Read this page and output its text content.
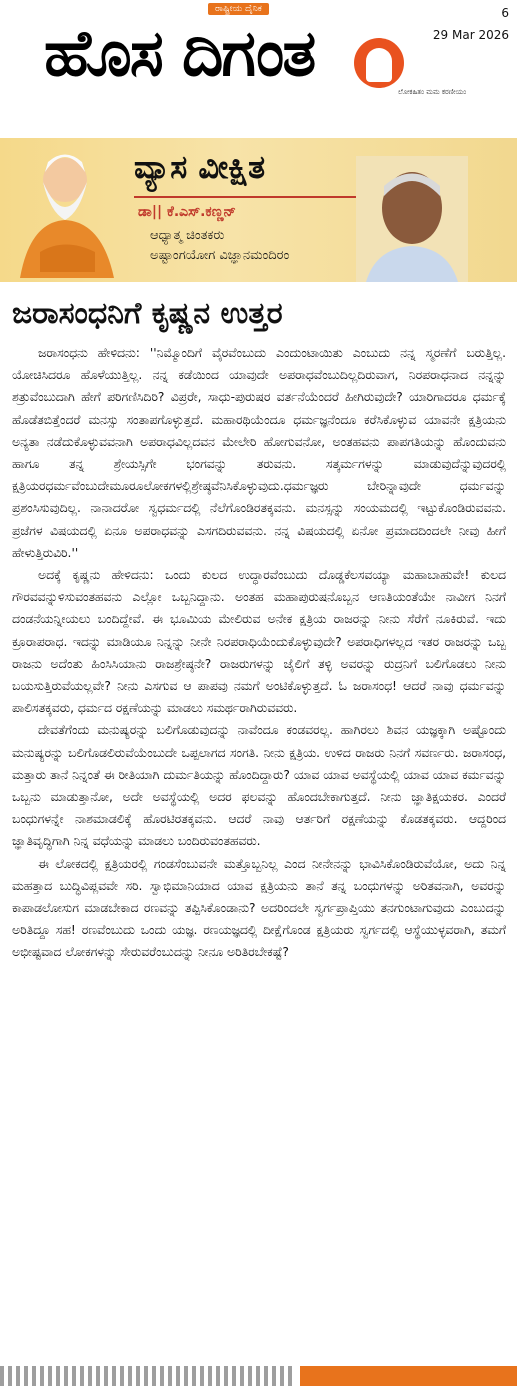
ರಾಷ್ಟ್ರೀಯ ದೈನಿಕ
ಹೊಸ ದಿಗಂತ
6
29 Mar 2026
ಲೋಕಹಿತಂ ಮಮ ಕರಣೀಯಂ
ವ್ಯಾಸ ವೀಕ್ಷಿತ
ಡಾ|| ಕೆ.ಎಸ್.ಕಣ್ಣನ್
ಆಧ್ಯಾತ್ಮ ಚಿಂತಕರು
ಅಷ್ಟಾಂಗಯೋಗ ವಿಜ್ಞಾನಮಂದಿರಂ
ಜರಾಸಂಧನಿಗೆ ಕೃಷ್ಣನ ಉತ್ತರ

ಜರಾಸಂಧನು ಹೇಳಿದನು: ''ನಿಮ್ಮೊಂದಿಗೆ ವೈರವೆಂಬುದು ಎಂದುಂಟಾಯಿತು ಎಂಬುದು ನನ್ನ ಸ್ಮರಣೆಗೆ ಬರುತ್ತಿಲ್ಲ. ಯೋಚಿಸಿದರೂ ಹೊಳೆಯುತ್ತಿಲ್ಲ. ನನ್ನ ಕಡೆಯಿಂದ ಯಾವುದೇ ಅಪರಾಧವೆಂಬುದಿಲ್ಲದಿರುವಾಗ, ನಿರಪರಾಧನಾದ ನನ್ನನ್ನು ಶತ್ರುವೆಂಬುದಾಗಿ ಹೇಗೆ ಪರಿಗಣಿಸಿದಿರಿ? ವಿಪ್ರರೇ, ಸಾಧು-ಪುರುಷರ ವರ್ತನೆಯೆಂದರೆ ಹೀಗಿರುವುದೇ? ಯಾರಿಗಾದರೂ ಧರ್ಮಕ್ಕೆ ಹೊಡೆತಬಿತ್ತೆಂದರೆ ಮನಸ್ಸು ಸಂತಾಪಗೊಳ್ಳುತ್ತದೆ. ಮಹಾರಥಿಯೆಂದೂ ಧರ್ಮಜ್ಞನೆಂದೂ ಕರೆಸಿಕೊಳ್ಳುವ ಯಾವನೇ ಕ್ಷತ್ರಿಯನು ಅನ್ಯತಾ ನಡೆದುಕೊಳ್ಳುವವನಾಗಿ ಅಪರಾಧವಿಲ್ಲದವನ ಮೇಲೇರಿ ಹೋಗುವನೋ, ಅಂತಹವನು ಪಾಪಗತಿಯನ್ನು ಹೊಂದುವನು ಹಾಗೂ ತನ್ನ ಶ್ರೇಯಸ್ಸಿಗೇ ಭಂಗವನ್ನು ತರುವನು. ಸತ್ಕರ್ಮಗಳನ್ನು ಮಾಡುವುದೆನ್ನುವುದರಲ್ಲಿ ಕ್ಷತ್ರಿಯರಧರ್ಮವೆಂಬುದೇಮೂರೂಲೋಕಗಳಲ್ಲಿಶ್ರೇಷ್ಠವೆನಿಸಿಕೊಳ್ಳುವುದು.ಧರ್ಮಜ್ಞರು ಬೇರಿನ್ನಾವುದೇ ಧರ್ಮವನ್ನು ಪ್ರಶಂಸಿಸುವುದಿಲ್ಲ. ನಾನಾದರೋ ಸ್ವಧರ್ಮದಲ್ಲಿ ನೆಲೆಗೊಂಡಿರತಕ್ಕವನು. ಮನಸ್ಸನ್ನು ಸಂಯಮದಲ್ಲಿ ಇಟ್ಟುಕೊಂಡಿರುವವನು. ಪ್ರಜೆಗಳ ವಿಷಯದಲ್ಲಿ ಏನೂ ಅಪರಾಧವನ್ನು ಎಸಗದಿರುವವನು. ನನ್ನ ವಿಷಯದಲ್ಲಿ ಏನೋ ಪ್ರಮಾದದಿಂದಲೇ ನೀವು ಹೀಗೆ ಹೇಳುತ್ತಿರುವಿರಿ.''

ಅದಕ್ಕೆ ಕೃಷ್ಣನು ಹೇಳಿದನು: ಒಂದು ಕುಲದ ಉದ್ಧಾರವೆಂಬುದು ದೊಡ್ಡಕೆಲಸವಯ್ಯಾ ಮಹಾಬಾಹುವೇ! ಕುಲದ ಗೌರವವನ್ನುಳಿಸುವಂತಹವನು ಎಲ್ಲೋ ಒಬ್ಬನಿದ್ದಾನು. ಅಂತಹ ಮಹಾಪುರುಷನೊಬ್ಬನ ಆಣತಿಯಂತೆಯೇ ನಾವೀಗ ನಿನಗೆ ದಂಡನೆಯನ್ನೀಯಲು ಬಂದಿದ್ದೇವೆ. ಈ ಭೂಮಿಯ ಮೇಲಿರುವ ಅನೇಕ ಕ್ಷತ್ರಿಯ ರಾಜರನ್ನು ನೀನು ಸೆರೆಗೆ ನೂಕಿರುವೆ. ಇದು ಕ್ರೂರಾಪರಾಧ. ಇದನ್ನು ಮಾಡಿಯೂ ನಿನ್ನನ್ನು ನೀನೇ ನಿರಪರಾಧಿಯೆಂದುಕೊಳ್ಳುವುದೇ? ಅಪರಾಧಿಗಳಲ್ಲದ ಇತರ ರಾಜರನ್ನು ಒಬ್ಬ ರಾಜನು ಅದೆಂತು ಹಿಂಸಿಸಿಯಾನು ರಾಜಶ್ರೇಷ್ಠನೇ? ರಾಜರುಗಳನ್ನು ಜೈಲಿಗೆ ತಳ್ಳಿ ಅವರನ್ನು ರುದ್ರನಿಗೆ ಬಲಿಗೊಡಲು ನೀನು ಬಯಸುತ್ತಿರುವೆಯಲ್ಲವೇ? ನೀನು ಎಸಗುವ ಆ ಪಾಪವು ನಮಗೆ ಅಂಟಿಕೊಳ್ಳುತ್ತದೆ. ಓ ಜರಾಸಂಧ! ಆದರೆ ನಾವು ಧರ್ಮವನ್ನು ಪಾಲಿಸತಕ್ಕವರು, ಧರ್ಮದ ರಕ್ಷಣೆಯನ್ನು ಮಾಡಲು ಸಮರ್ಥರಾಗಿರುವವರು.

ದೇವತೆಗೆಂದು ಮನುಷ್ಯರನ್ನು ಬಲಿಗೊಡುವುದನ್ನು ನಾವೆಂದೂ ಕಂಡವರಲ್ಲ. ಹಾಗಿರಲು ಶಿವನ ಯಜ್ಞಕ್ಕಾಗಿ ಅಷ್ಟೊಂದು ಮನುಷ್ಯರನ್ನು ಬಲಿಗೊಡಲಿರುವೆಯೆಂಬುದೇ ಒಪ್ಪಲಾಗದ ಸಂಗತಿ. ನೀನು ಕ್ಷತ್ರಿಯ. ಉಳಿದ ರಾಜರು ನಿನಗೆ ಸವರ್ಣರು. ಜರಾಸಂಧ, ಮತ್ತಾರು ತಾನೆ ನಿನ್ನಂತೆ ಈ ರೀತಿಯಾಗಿ ದುರ್ಮತಿಯನ್ನು ಹೊಂದಿದ್ದಾರು? ಯಾವ ಯಾವ ಅವಸ್ಥೆಯಲ್ಲಿ ಯಾವ ಯಾವ ಕರ್ಮವನ್ನು ಒಬ್ಬನು ಮಾಡುತ್ತಾನೋ, ಅದೇ ಅವಸ್ಥೆಯಲ್ಲಿ ಅದರ ಫಲವನ್ನು ಹೊಂದಬೇಕಾಗುತ್ತದೆ. ನೀನು ಜ್ಞಾತಿಕ್ಷಯಕರ. ಎಂದರೆ ಬಂಧುಗಳನ್ನೇ ನಾಶಮಾಡಲಿಕ್ಕೆ ಹೊರಟಿರತಕ್ಕವನು. ಆದರೆ ನಾವು ಆರ್ತರಿಗೆ ರಕ್ಷಣೆಯನ್ನು ಕೊಡತಕ್ಕವರು. ಆದ್ದರಿಂದ ಜ್ಞಾತಿವೃದ್ಧಿಗಾಗಿ ನಿನ್ನ ವಧೆಯನ್ನು ಮಾಡಲು ಬಂದಿರುವಂತಹವರು.

ಈ ಲೋಕದಲ್ಲಿ ಕ್ಷತ್ರಿಯರಲ್ಲಿ ಗಂಡಸೆಂಬುವನೇ ಮತ್ತೊಬ್ಬನಿಲ್ಲ ಎಂದ ನೀನೇನನ್ನು ಭಾವಿಸಿಕೊಂಡಿರುವೆಯೋ, ಅದು ನಿನ್ನ ಮಹತ್ತಾದ ಬುದ್ಧಿವಿಪ್ಲವವೇ ಸರಿ. ಸ್ವಾಭಿಮಾನಿಯಾದ ಯಾವ ಕ್ಷತ್ರಿಯನು ತಾನೆ ತನ್ನ ಬಂಧುಗಳನ್ನು ಅರಿತವನಾಗಿ, ಅವರನ್ನು ಕಾಪಾಡಲೋಸುಗ ಮಾಡಬೇಕಾದ ರಣವನ್ನು ತಪ್ಪಿಸಿಕೊಂಡಾನು? ಅದರಿಂದಲೇ ಸ್ವರ್ಗಪ್ರಾಪ್ತಿಯು ತನಗುಂಟಾಗುವುದು ಎಂಬುದನ್ನು ಅರಿತಿದ್ದೂ ಸಹ! ರಣವೆಂಬುದು ಒಂದು ಯಜ್ಞ. ರಣಯಜ್ಞದಲ್ಲಿ ದೀಕ್ಷೆಗೊಂಡ ಕ್ಷತ್ರಿಯರು ಸ್ವರ್ಗದಲ್ಲಿ ಆಸ್ಥೆಯುಳ್ಳವರಾಗಿ, ತಮಗೆ ಅಭೀಷ್ಟವಾದ ಲೋಕಗಳನ್ನು ಸೇರುವರೆಂಬುದನ್ನು ನೀನೂ ಅರಿತಿರಬೇಕಷ್ಟೆ?
